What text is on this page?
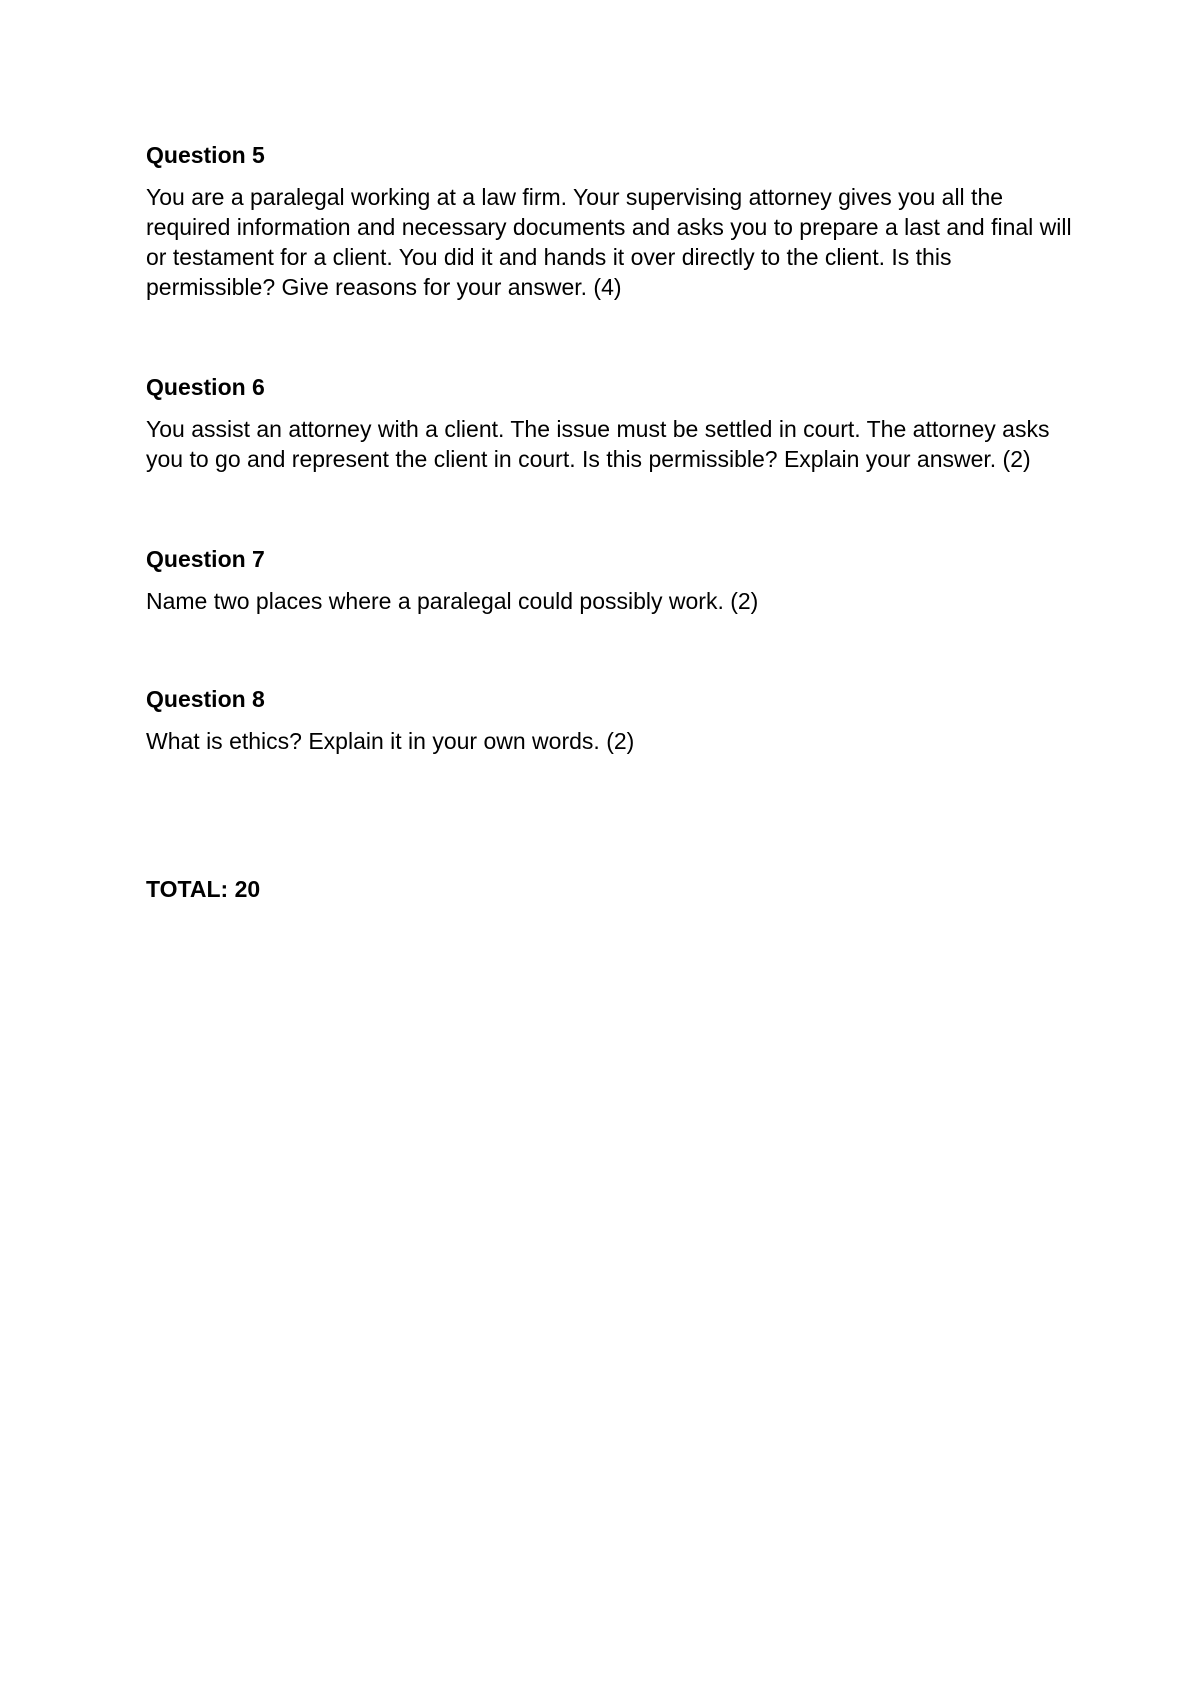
Question 5

You are a paralegal working at a law firm. Your supervising attorney gives you all the required information and necessary documents and asks you to prepare a last and final will or testament for a client. You did it and hands it over directly to the client. Is this permissible? Give reasons for your answer. (4)

Question 6

You assist an attorney with a client. The issue must be settled in court. The attorney asks you to go and represent the client in court. Is this permissible? Explain your answer. (2)

Question 7

Name two places where a paralegal could possibly work. (2)

Question 8

What is ethics? Explain it in your own words. (2)

TOTAL: 20
